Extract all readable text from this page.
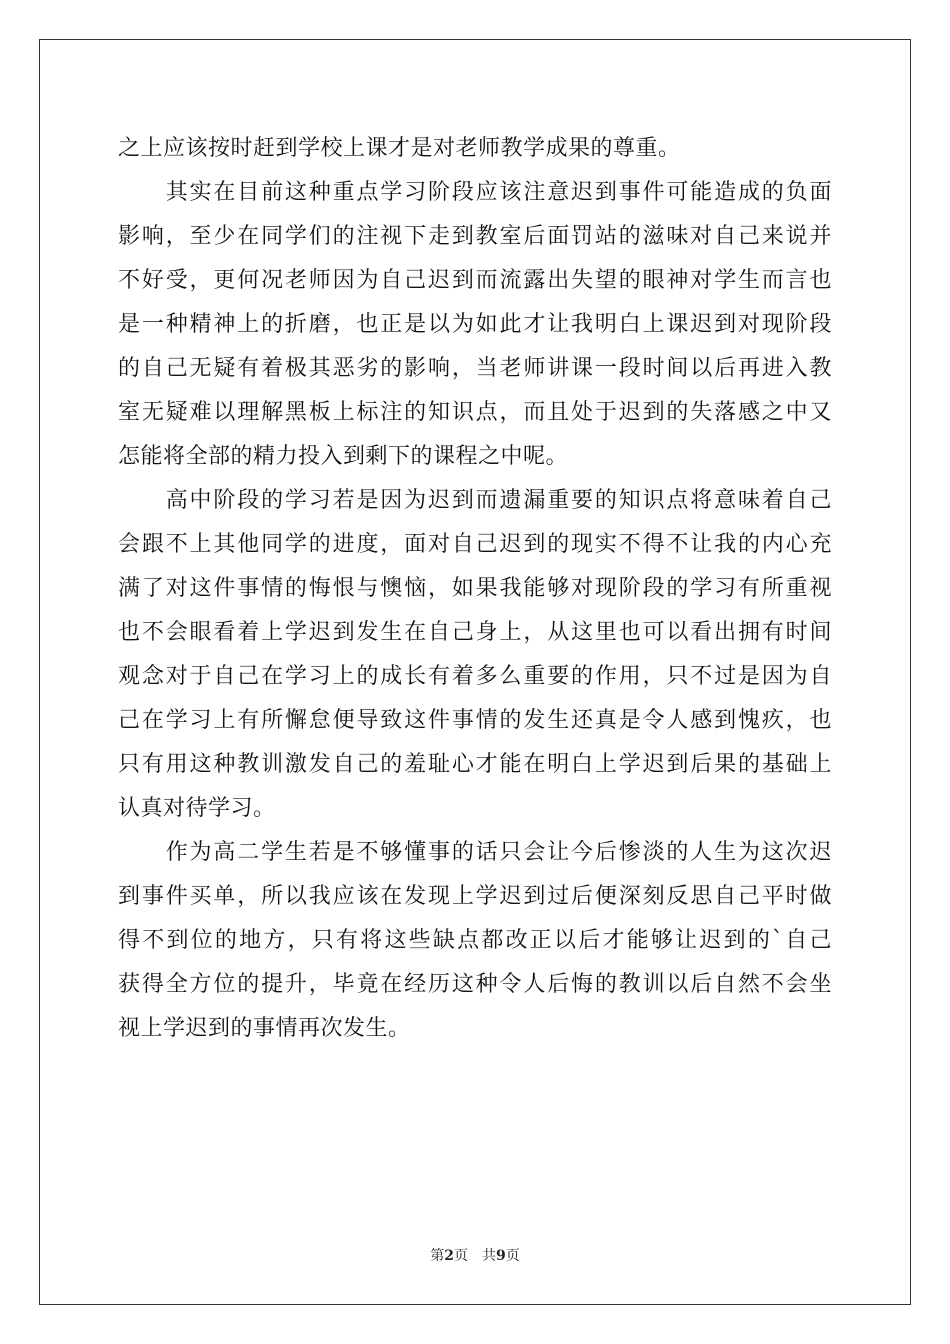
之上应该按时赶到学校上课才是对老师教学成果的尊重。
　　其实在目前这种重点学习阶段应该注意迟到事件可能造成的负面
影响，至少在同学们的注视下走到教室后面罚站的滋味对自己来说并
不好受，更何况老师因为自己迟到而流露出失望的眼神对学生而言也
是一种精神上的折磨，也正是以为如此才让我明白上课迟到对现阶段
的自己无疑有着极其恶劣的影响，当老师讲课一段时间以后再进入教
室无疑难以理解黑板上标注的知识点，而且处于迟到的失落感之中又
怎能将全部的精力投入到剩下的课程之中呢。
　　高中阶段的学习若是因为迟到而遗漏重要的知识点将意味着自己
会跟不上其他同学的进度，面对自己迟到的现实不得不让我的内心充
满了对这件事情的悔恨与懊恼，如果我能够对现阶段的学习有所重视
也不会眼看着上学迟到发生在自己身上，从这里也可以看出拥有时间
观念对于自己在学习上的成长有着多么重要的作用，只不过是因为自
己在学习上有所懈怠便导致这件事情的发生还真是令人感到愧疚，也
只有用这种教训激发自己的羞耻心才能在明白上学迟到后果的基础上
认真对待学习。
　　作为高二学生若是不够懂事的话只会让今后惨淡的人生为这次迟
到事件买单，所以我应该在发现上学迟到过后便深刻反思自己平时做
得不到位的地方，只有将这些缺点都改正以后才能够让迟到的`自己
获得全方位的提升，毕竟在经历这种令人后悔的教训以后自然不会坐
视上学迟到的事情再次发生。
第2页 共9页
